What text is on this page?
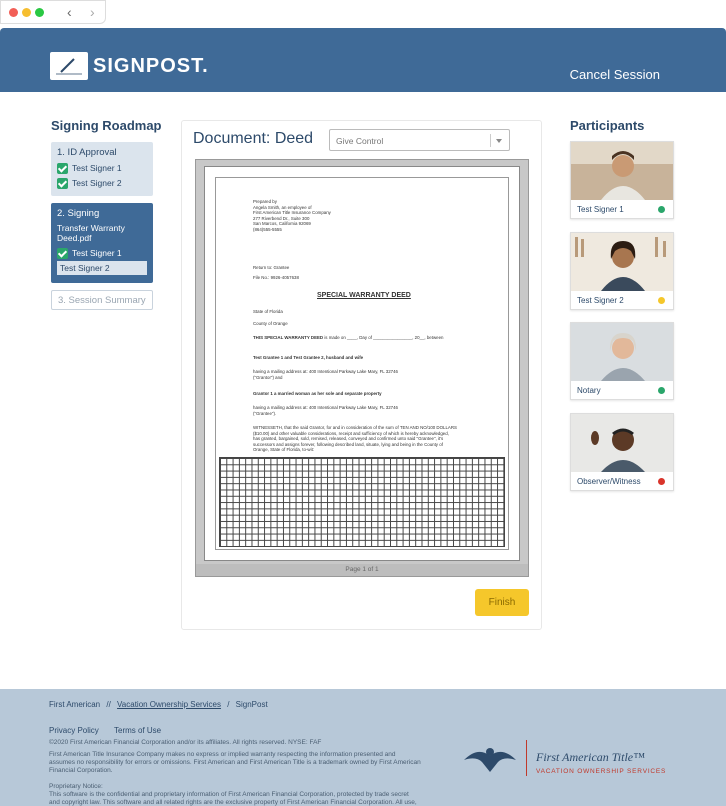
‹ ›
SIGNPOST.	Cancel Session
Signing Roadmap
1. ID Approval
Test Signer 1
Test Signer 2
2. Signing
Transfer Warranty Deed.pdf
Test Signer 1
Test Signer 2
3. Session Summary
Document: Deed	Give Control
Prepared by
Angela Smith, an employee of
First American Title Insurance Company
277 Riverbend Dr., Suite 300
San Marcos, California 92069
(864)555-5555
Return to: Grantee
File No.: 9926-4057638
SPECIAL WARRANTY DEED
State of Florida
County of Orange
THIS SPECIAL WARRANTY DEED is made on ____, Day of ________________, 20__, between
Test Grantee 1 and Test Grantee 2, husband and wife
having a mailing address at: 400 Intentional Parkway Lake Mary, FL 32746
("Grantor") and
Grantor 1 a married woman as her sole and separate property
having a mailing address at: 400 Intentional Parkway Lake Mary, FL 32746
("Grantee").
WITNESSETH, that the said Grantor, for and in consideration of the sum of TEN AND NO/100 DOLLARS
($10.00) and other valuable considerations, receipt and sufficiency of which is hereby acknowledged,
has granted, bargained, sold, remised, released, conveyed and confirmed unto said "Grantee", it's
successors and assigns forever, following described land, situate, lying and being in the County of
Orange, State of Florida, to-wit:
Page 1 of 1
Finish
Participants
Test Signer 1
Test Signer 2
Notary
Observer/Witness
First American // Vacation Ownership Services / SignPost
Privacy Policy Terms of Use
©2020 First American Financial Corporation and/or its affiliates. All rights reserved. NYSE: FAF
First American Title Insurance Company makes no express or implied warranty respecting the information presented and
assumes no responsibility for errors or omissions. First American and First American Title is a trademark owned by First American
Financial Corporation.
Proprietary Notice:
This software is the confidential and proprietary information of First American Financial Corporation, protected by trade secret
and copyright law. This software and all related rights are the exclusive property of First American Financial Corporation. All use,
First American Title™
VACATION OWNERSHIP SERVICES
